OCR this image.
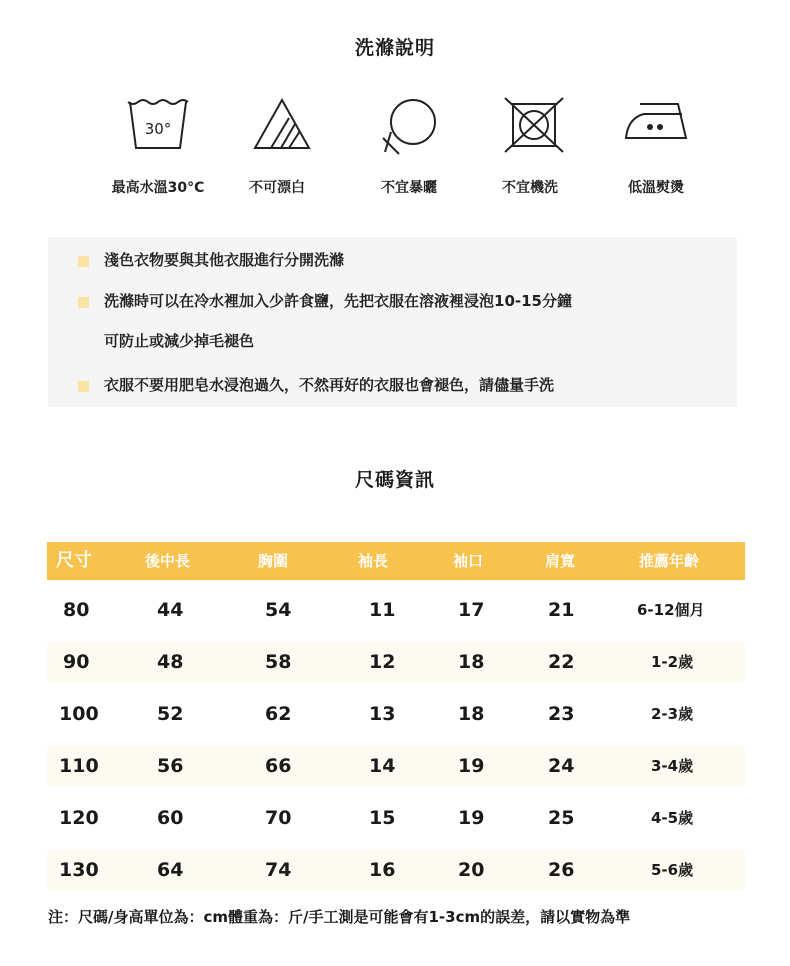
洗滌說明
30°
最高水溫30°C	不可漂白	不宜暴曬	不宜機洗	低溫熨燙
淺色衣物要與其他衣服進行分開洗滌
洗滌時可以在冷水裡加入少許食鹽，先把衣服在溶液裡浸泡10-15分鐘
可防止或減少掉毛褪色
衣服不要用肥皂水浸泡過久，不然再好的衣服也會褪色，請儘量手洗
尺碼資訊
尺寸	後中長	胸圍	袖長	袖口	肩寬	推薦年齡
80	44	54	11	17	21	6-12個月
90	48	58	12	18	22	1-2歲
100	52	62	13	18	23	2-3歲
110	56	66	14	19	24	3-4歲
120	60	70	15	19	25	4-5歲
130	64	74	16	20	26	5-6歲
注：尺碼/身高單位為：cm體重為：斤/手工測是可能會有1-3cm的誤差，請以實物為準
